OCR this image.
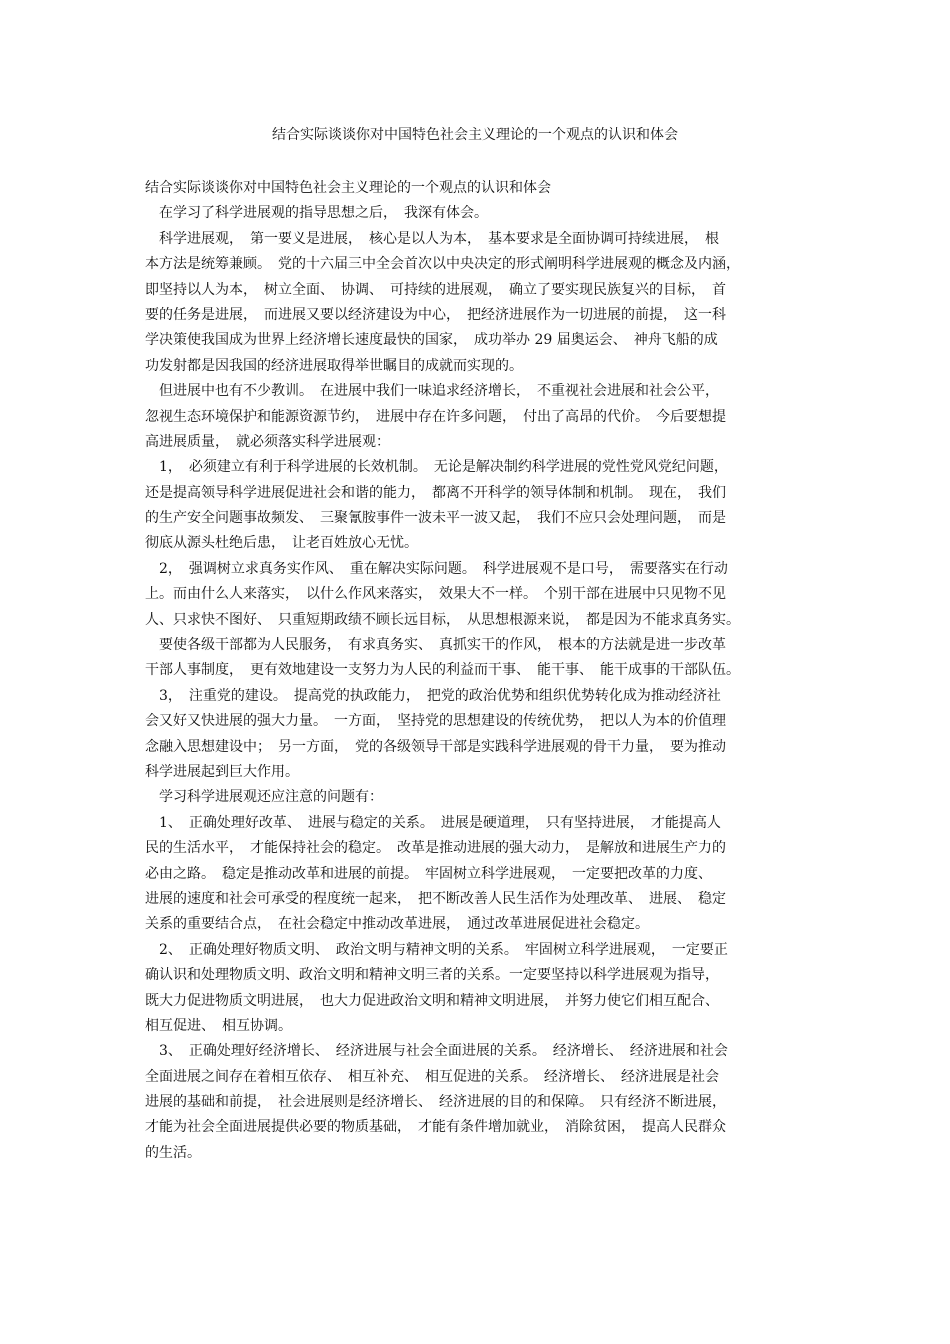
结合实际谈谈你对中国特色社会主义理论的一个观点的认识和体会
结合实际谈谈你对中国特色社会主义理论的一个观点的认识和体会
　在学习了科学进展观的指导思想之后，　我深有体会。
　科学进展观，　第一要义是进展，　核心是以人为本，　基本要求是全面协调可持续进展，　根
本方法是统筹兼顾。　党的十六届三中全会首次以中央决定的形式阐明科学进展观的概念及内涵，
即坚持以人为本，　树立全面、　协调、　可持续的进展观，　确立了要实现民族复兴的目标，　首
要的任务是进展，　而进展又要以经济建设为中心，　把经济进展作为一切进展的前提，　这一科
学决策使我国成为世界上经济增长速度最快的国家，　成功举办 29 届奥运会、　神舟飞船的成
功发射都是因我国的经济进展取得举世瞩目的成就而实现的。
　但进展中也有不少教训。　在进展中我们一味追求经济增长，　不重视社会进展和社会公平，
忽视生态环境保护和能源资源节约，　进展中存在许多问题，　付出了高昂的代价。　今后要想提
高进展质量，　就必须落实科学进展观：
　1，　必须建立有利于科学进展的长效机制。　无论是解决制约科学进展的党性党风党纪问题，
还是提高领导科学进展促进社会和谐的能力，　都离不开科学的领导体制和机制。　现在，　我们
的生产安全问题事故频发、　三聚氰胺事件一波未平一波又起，　我们不应只会处理问题，　而是
彻底从源头杜绝后患，　让老百姓放心无忧。
　2，　强调树立求真务实作风、　重在解决实际问题。　科学进展观不是口号，　需要落实在行动
上。而由什么人来落实，　以什么作风来落实，　效果大不一样。　个别干部在进展中只见物不见
人、只求快不图好、　只重短期政绩不顾长远目标，　从思想根源来说，　都是因为不能求真务实。
　要使各级干部都为人民服务，　有求真务实、　真抓实干的作风，　根本的方法就是进一步改革
干部人事制度，　更有效地建设一支努力为人民的利益而干事、　能干事、　能干成事的干部队伍。
　3，　注重党的建设。　提高党的执政能力，　把党的政治优势和组织优势转化成为推动经济社
会又好又快进展的强大力量。　一方面，　坚持党的思想建设的传统优势，　把以人为本的价值理
念融入思想建设中；　另一方面，　党的各级领导干部是实践科学进展观的骨干力量，　要为推动
科学进展起到巨大作用。
　学习科学进展观还应注意的问题有：
　1、　正确处理好改革、　进展与稳定的关系。　进展是硬道理，　只有坚持进展，　才能提高人
民的生活水平，　才能保持社会的稳定。　改革是推动进展的强大动力，　是解放和进展生产力的
必由之路。　稳定是推动改革和进展的前提。　牢固树立科学进展观，　一定要把改革的力度、
进展的速度和社会可承受的程度统一起来，　把不断改善人民生活作为处理改革、　进展、　稳定
关系的重要结合点，　在社会稳定中推动改革进展，　通过改革进展促进社会稳定。
　2、　正确处理好物质文明、　政治文明与精神文明的关系。　牢固树立科学进展观，　一定要正
确认识和处理物质文明、政治文明和精神文明三者的关系。一定要坚持以科学进展观为指导，
既大力促进物质文明进展，　也大力促进政治文明和精神文明进展，　并努力使它们相互配合、
相互促进、　相互协调。
　3、　正确处理好经济增长、　经济进展与社会全面进展的关系。　经济增长、　经济进展和社会
全面进展之间存在着相互依存、　相互补充、　相互促进的关系。　经济增长、　经济进展是社会
进展的基础和前提，　社会进展则是经济增长、　经济进展的目的和保障。　只有经济不断进展，
才能为社会全面进展提供必要的物质基础，　才能有条件增加就业，　消除贫困，　提高人民群众
的生活。
